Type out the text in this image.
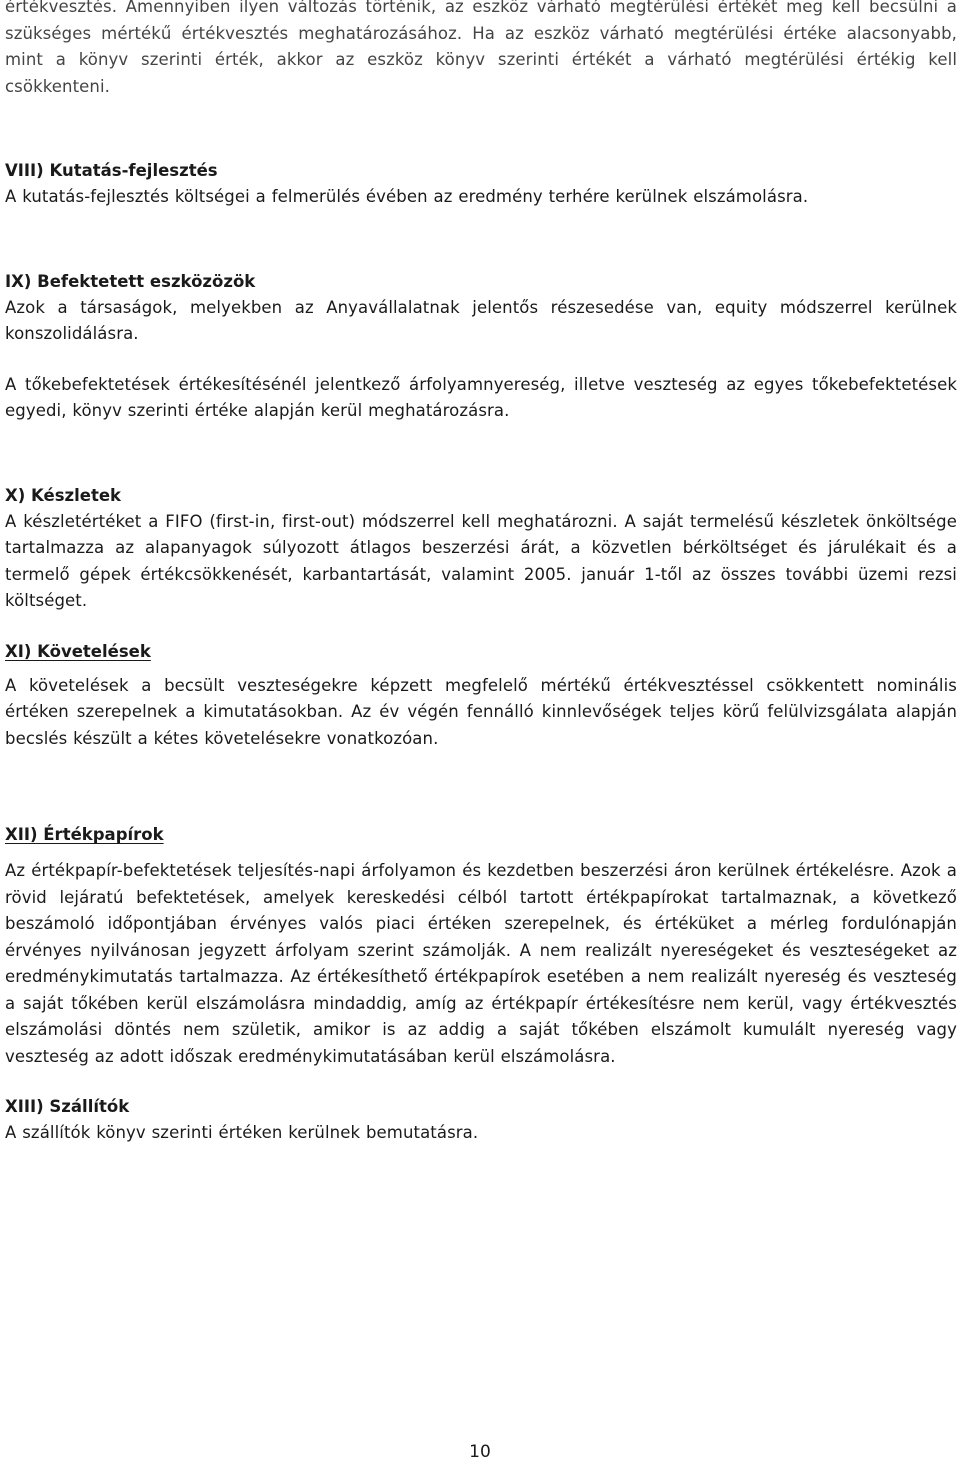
értékvesztés. Amennyiben ilyen változás történik, az eszköz várható megtérülési értékét meg kell becsülni a szükséges mértékű értékvesztés meghatározásához. Ha az eszköz várható megtérülési értéke alacsonyabb, mint a könyv szerinti érték, akkor az eszköz könyv szerinti értékét a várható megtérülési értékig kell csökkenteni.

VIII) Kutatás-fejlesztés

A kutatás-fejlesztés költségei a felmerülés évében az eredmény terhére kerülnek elszámolásra.

IX) Befektetett eszközözök

Azok a társaságok, melyekben az Anyavállalatnak jelentős részesedése van, equity módszerrel kerülnek konszolidálásra.

A tőkebefektetések értékesítésénél jelentkező árfolyamnyereség, illetve veszteség az egyes tőkebefektetések egyedi, könyv szerinti értéke alapján kerül meghatározásra.

X) Készletek

A készletértéket a FIFO (first-in, first-out) módszerrel kell meghatározni. A saját termelésű készletek önköltsége tartalmazza az alapanyagok súlyozott átlagos beszerzési árát, a közvetlen bérköltséget és járulékait és a termelő gépek értékcsökkenését, karbantartását, valamint 2005. január 1-től az összes további üzemi rezsi költséget.

XI) Követelések

A követelések a becsült veszteségekre képzett megfelelő mértékű értékvesztéssel csökkentett nominális értéken szerepelnek a kimutatásokban. Az év végén fennálló kinnlevőségek teljes körű felülvizsgálata alapján becslés készült a kétes követelésekre vonatkozóan.

XII) Értékpapírok

Az értékpapír-befektetések teljesítés-napi árfolyamon és kezdetben beszerzési áron kerülnek értékelésre. Azok a rövid lejáratú befektetések, amelyek kereskedési célból tartott értékpapírokat tartalmaznak, a következő beszámoló időpontjában érvényes valós piaci értéken szerepelnek, és értéküket a mérleg fordulónapján érvényes nyilvánosan jegyzett árfolyam szerint számolják. A nem realizált nyereségeket és veszteségeket az eredménykimutatás tartalmazza. Az értékesíthető értékpapírok esetében a nem realizált nyereség és veszteség a saját tőkében kerül elszámolásra mindaddig, amíg az értékpapír értékesítésre nem kerül, vagy értékvesztés elszámolási döntés nem születik, amikor is az addig a saját tőkében elszámolt kumulált nyereség vagy veszteség az adott időszak eredménykimutatásában kerül elszámolásra.

XIII) Szállítók

A szállítók könyv szerinti értéken kerülnek bemutatásra.

10
